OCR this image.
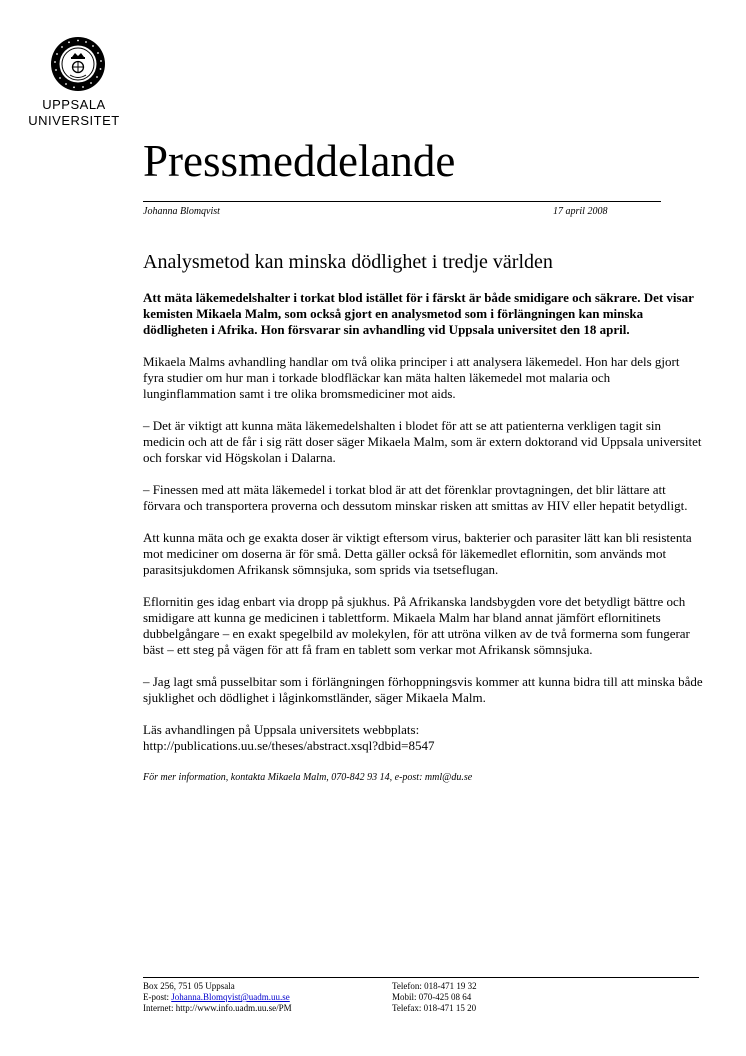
UPPSALA
UNIVERSITET
Pressmeddelande
Johanna Blomqvist	17 april 2008
Analysmetod kan minska dödlighet i tredje världen

Att mäta läkemedelshalter i torkat blod istället för i färskt är både smidigare och säkrare. Det visar kemisten Mikaela Malm, som också gjort en analysmetod som i förlängningen kan minska dödligheten i Afrika. Hon försvarar sin avhandling vid Uppsala universitet den 18 april.

Mikaela Malms avhandling handlar om två olika principer i att analysera läkemedel. Hon har dels gjort fyra studier om hur man i torkade blodfläckar kan mäta halten läkemedel mot malaria och lunginflammation samt i tre olika bromsmediciner mot aids.

– Det är viktigt att kunna mäta läkemedelshalten i blodet för att se att patienterna verkligen tagit sin medicin och att de får i sig rätt doser säger Mikaela Malm, som är extern doktorand vid Uppsala universitet och forskar vid Högskolan i Dalarna.

– Finessen med att mäta läkemedel i torkat blod är att det förenklar provtagningen, det blir lättare att förvara och transportera proverna och dessutom minskar risken att smittas av HIV eller hepatit betydligt.

Att kunna mäta och ge exakta doser är viktigt eftersom virus, bakterier och parasiter lätt kan bli resistenta mot mediciner om doserna är för små. Detta gäller också för läkemedlet eflornitin, som används mot parasitsjukdomen Afrikansk sömnsjuka, som sprids via tsetseflugan.

Eflornitin ges idag enbart via dropp på sjukhus. På Afrikanska landsbygden vore det betydligt bättre och smidigare att kunna ge medicinen i tablettform. Mikaela Malm har bland annat jämfört eflornitinets dubbelgångare – en exakt spegelbild av molekylen, för att utröna vilken av de två formerna som fungerar bäst – ett steg på vägen för att få fram en tablett som verkar mot Afrikansk sömnsjuka.

– Jag lagt små pusselbitar som i förlängningen förhoppningsvis kommer att kunna bidra till att minska både sjuklighet och dödlighet i låginkomstländer, säger Mikaela Malm.

Läs avhandlingen på Uppsala universitets webbplats:
http://publications.uu.se/theses/abstract.xsql?dbid=8547

För mer information, kontakta Mikaela Malm, 070-842 93 14, e-post: mml@du.se

Box 256, 751 05 Uppsala
E-post: Johanna.Blomqvist@uadm.uu.se
Internet: http://www.info.uadm.uu.se/PM
Telefon: 018-471 19 32
Mobil: 070-425 08 64
Telefax: 018-471 15 20
